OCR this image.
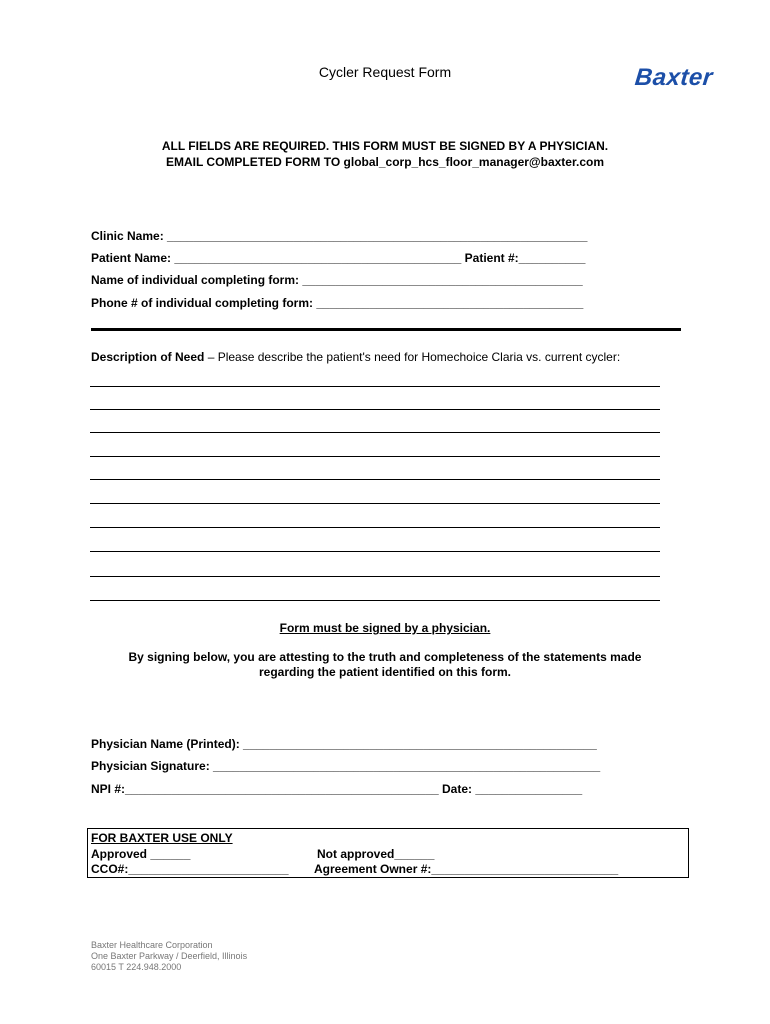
Cycler Request Form	Baxter
ALL FIELDS ARE REQUIRED. THIS FORM MUST BE SIGNED BY A PHYSICIAN.
EMAIL COMPLETED FORM TO global_corp_hcs_floor_manager@baxter.com
Clinic Name: _______________________________________________________________
Patient Name: ___________________________________________ Patient #:__________
Name of individual completing form: __________________________________________
Phone # of individual completing form: ________________________________________
Description of Need – Please describe the patient's need for Homechoice Claria vs. current cycler:
Form must be signed by a physician.
By signing below, you are attesting to the truth and completeness of the statements made
regarding the patient identified on this form.
Physician Name (Printed): _____________________________________________________
Physician Signature: __________________________________________________________
NPI #:_______________________________________________ Date: ________________
FOR BAXTER USE ONLY
Approved ______
CCO#:________________________
Not approved______
Agreement Owner #:____________________________
Baxter Healthcare Corporation
One Baxter Parkway / Deerfield, Illinois
60015 T 224.948.2000
